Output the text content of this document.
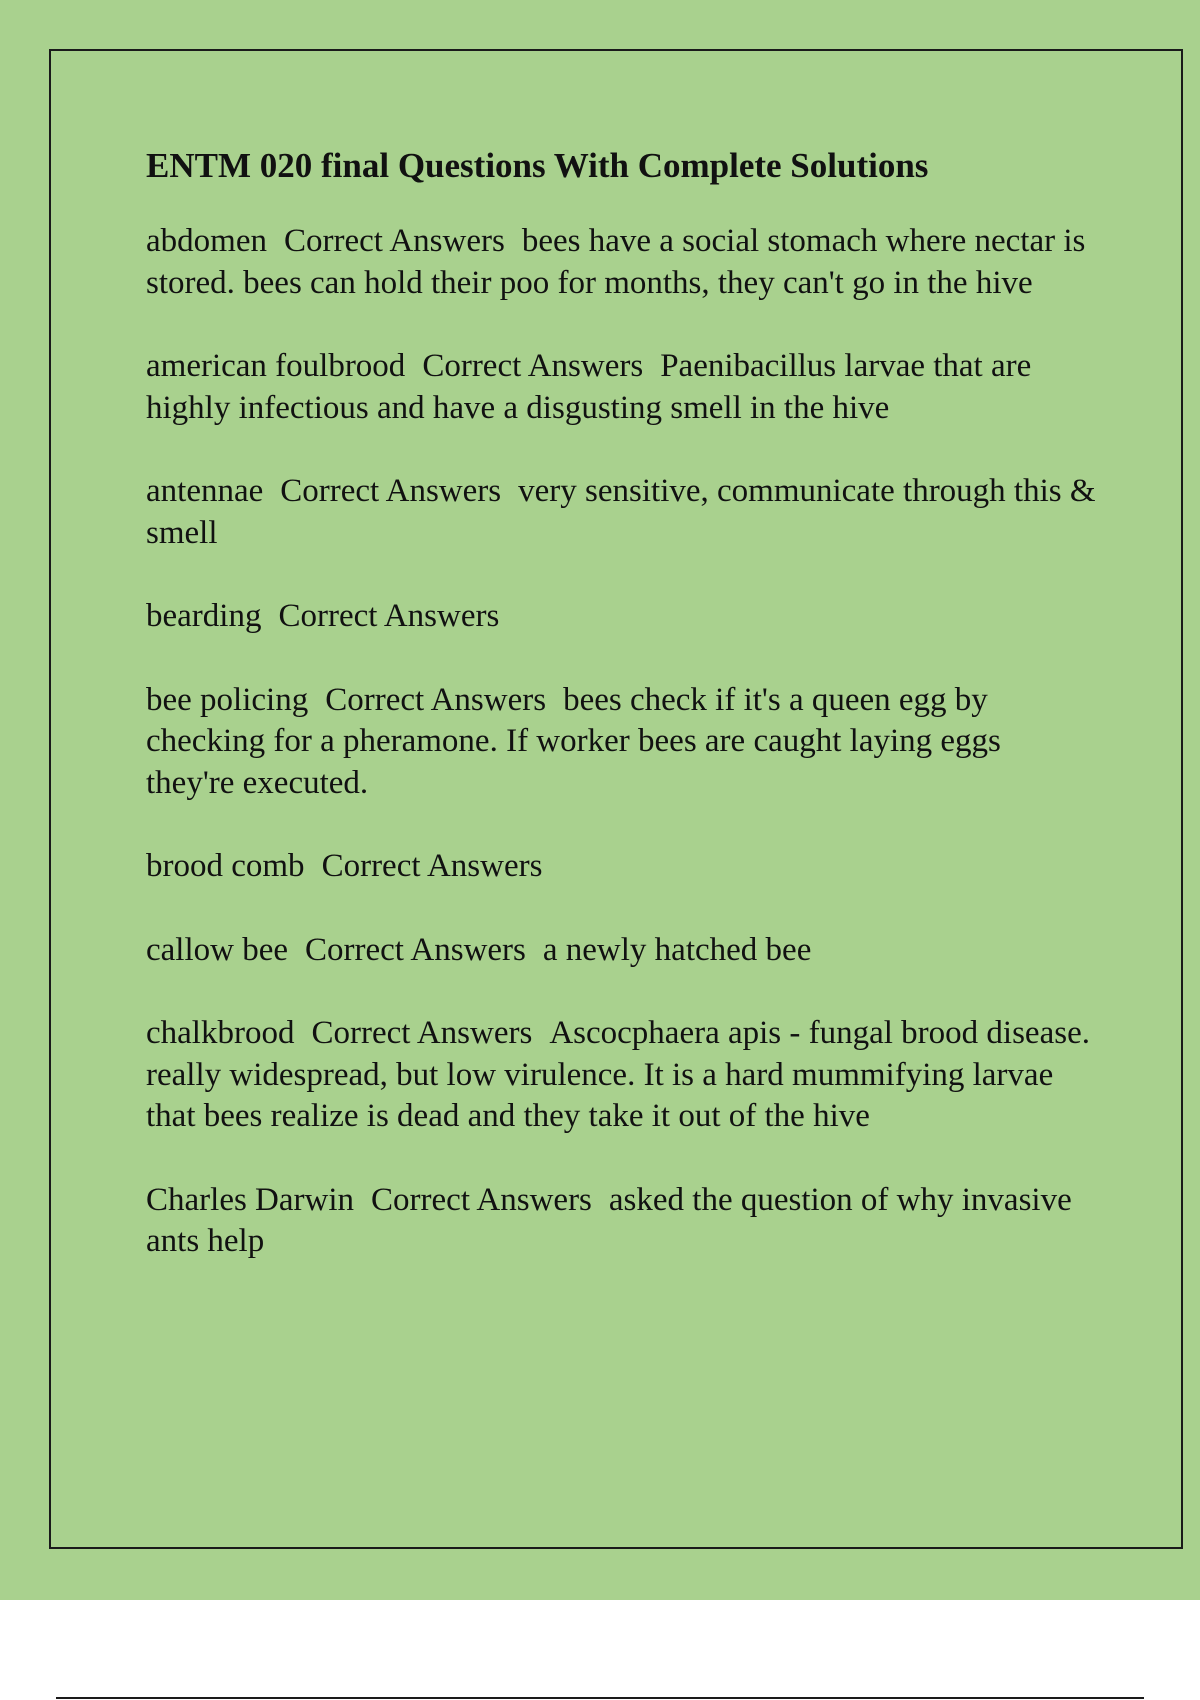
ENTM 020 final Questions With Complete Solutions

abdomen Correct Answers bees have a social stomach where nectar is stored. bees can hold their poo for months, they can't go in the hive

american foulbrood Correct Answers Paenibacillus larvae that are highly infectious and have a disgusting smell in the hive

antennae Correct Answers very sensitive, communicate through this & smell

bearding Correct Answers

bee policing Correct Answers bees check if it's a queen egg by checking for a pheramone. If worker bees are caught laying eggs they're executed.

brood comb Correct Answers

callow bee Correct Answers a newly hatched bee

chalkbrood Correct Answers Ascocphaera apis - fungal brood disease. really widespread, but low virulence. It is a hard mummifying larvae that bees realize is dead and they take it out of the hive

Charles Darwin Correct Answers asked the question of why invasive ants help
